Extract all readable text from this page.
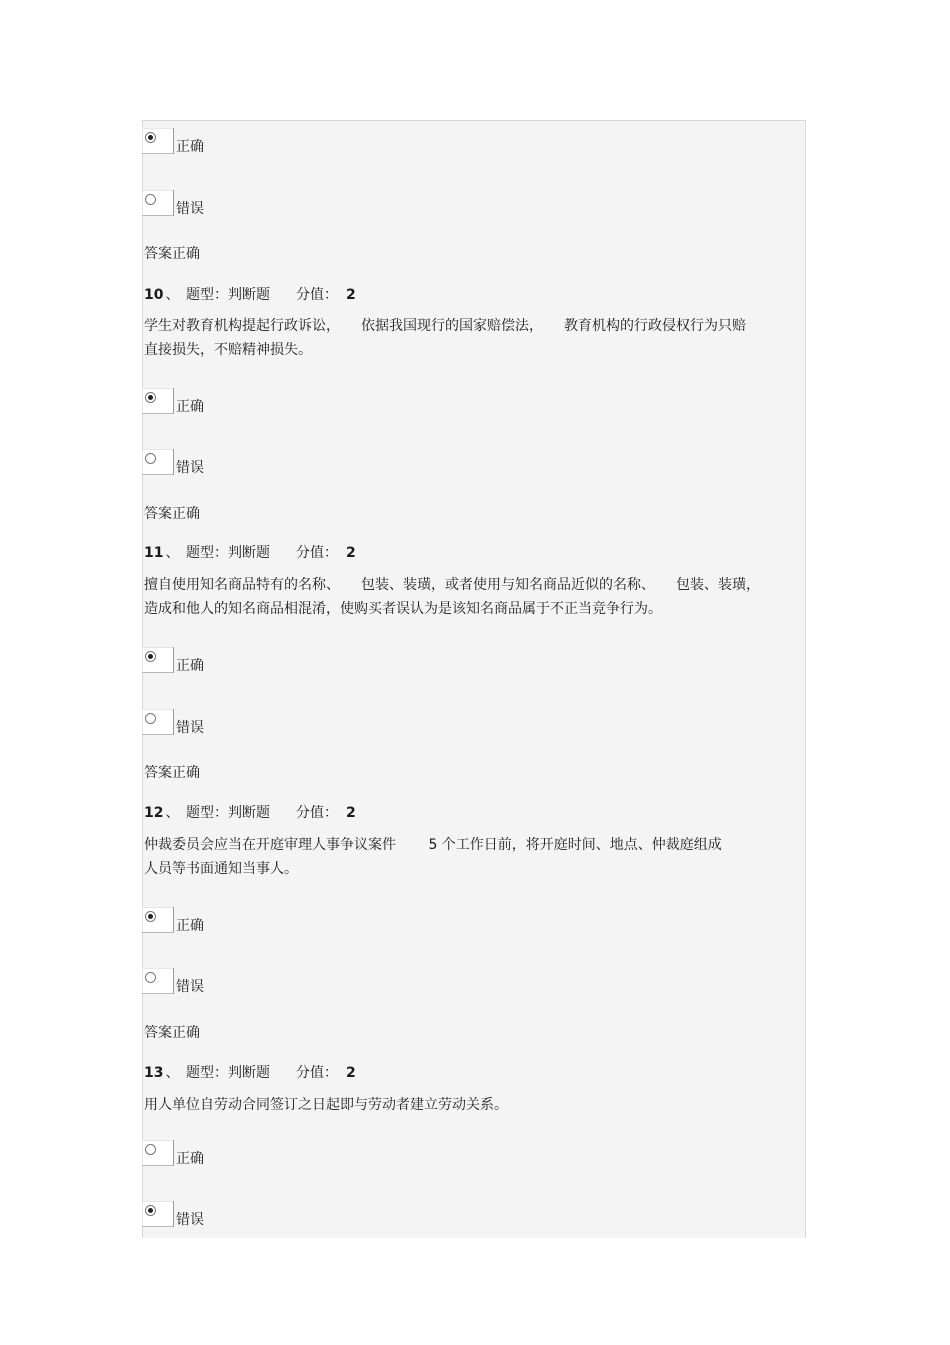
正确
错误
答案正确
10 、 题型：判断题 分值： 2
学生对教育机构提起行政诉讼，　　依据我国现行的国家赔偿法，　　教育机构的行政侵权行为只赔
直接损失，不赔精神损失。
正确
错误
答案正确
11 、 题型：判断题 分值： 2
擅自使用知名商品特有的名称、　　包装、装璜，或者使用与知名商品近似的名称、　　包装、装璜，
造成和他人的知名商品相混淆，使购买者误认为是该知名商品属于不正当竞争行为。
正确
错误
答案正确
12 、 题型：判断题 分值： 2
仲裁委员会应当在开庭审理人事争议案件　　 5 个工作日前，将开庭时间、地点、仲裁庭组成
人员等书面通知当事人。
正确
错误
答案正确
13 、 题型：判断题 分值： 2
用人单位自劳动合同签订之日起即与劳动者建立劳动关系。
正确
错误
